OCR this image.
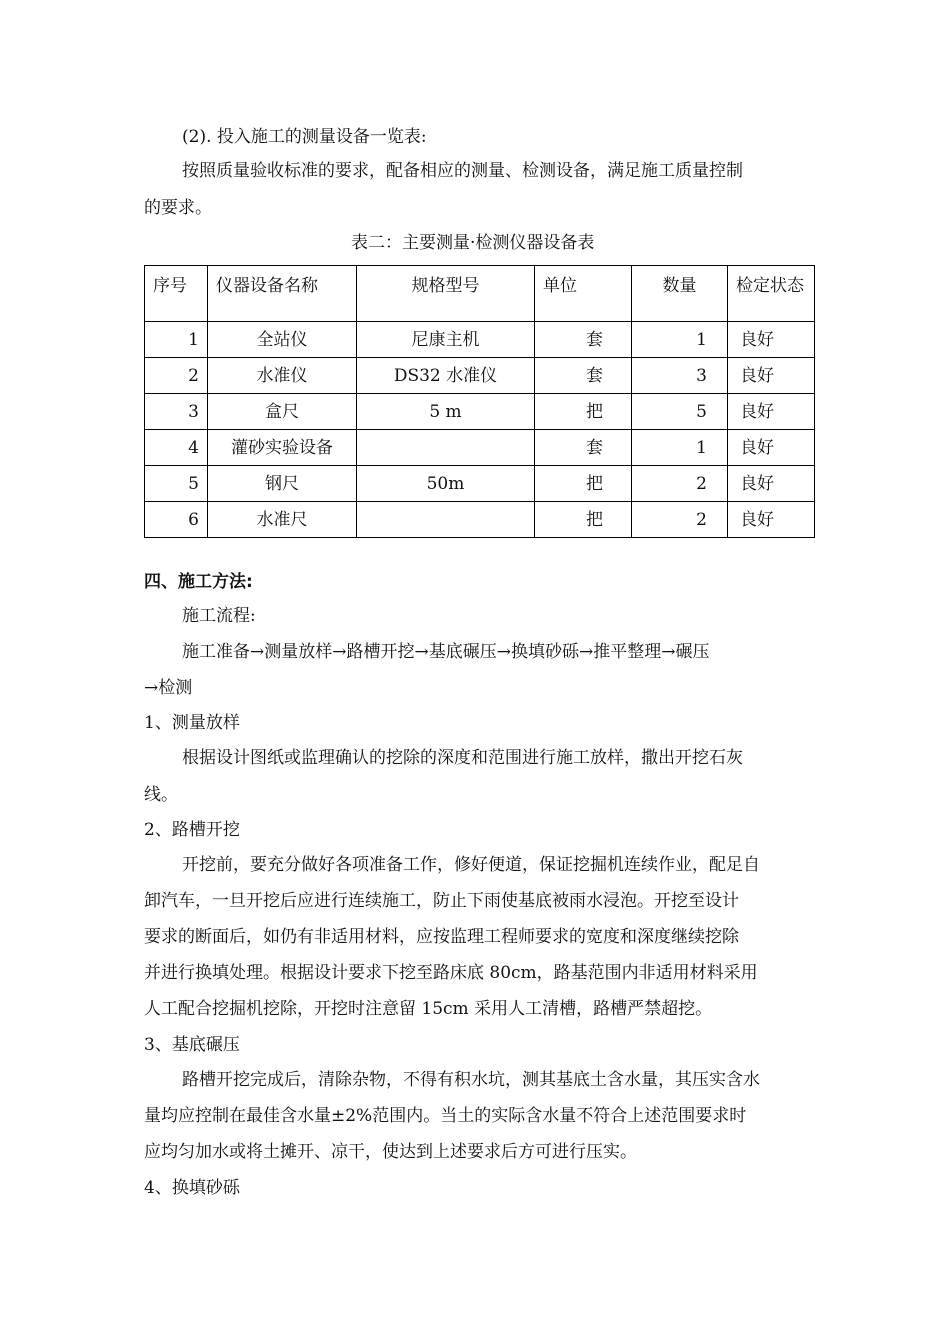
(2). 投入施工的测量设备一览表:
按照质量验收标准的要求，配备相应的测量、检测设备，满足施工质量控制
的要求。
表二：主要测量·检测仪器设备表
序号	仪器设备名称	规格型号	单位	数量	检定状态
1	全站仪	尼康主机	套	1	良好
2	水准仪	DS32 水准仪	套	3	良好
3	盒尺	5 m	把	5	良好
4	灌砂实验设备		套	1	良好
5	钢尺	50m	把	2	良好
6	水准尺		把	2	良好
四、施工方法:
施工流程:
施工准备→测量放样→路槽开挖→基底碾压→换填砂砾→推平整理→碾压
→检测
1、测量放样
根据设计图纸或监理确认的挖除的深度和范围进行施工放样，撒出开挖石灰
线。
2、路槽开挖
开挖前，要充分做好各项准备工作，修好便道，保证挖掘机连续作业，配足自
卸汽车，一旦开挖后应进行连续施工，防止下雨使基底被雨水浸泡。开挖至设计
要求的断面后，如仍有非适用材料，应按监理工程师要求的宽度和深度继续挖除
并进行换填处理。根据设计要求下挖至路床底 80cm，路基范围内非适用材料采用
人工配合挖掘机挖除，开挖时注意留 15cm 采用人工清槽，路槽严禁超挖。
3、基底碾压
路槽开挖完成后，清除杂物，不得有积水坑，测其基底土含水量，其压实含水
量均应控制在最佳含水量±2%范围内。当土的实际含水量不符合上述范围要求时
应均匀加水或将土摊开、凉干，使达到上述要求后方可进行压实。
4、换填砂砾
